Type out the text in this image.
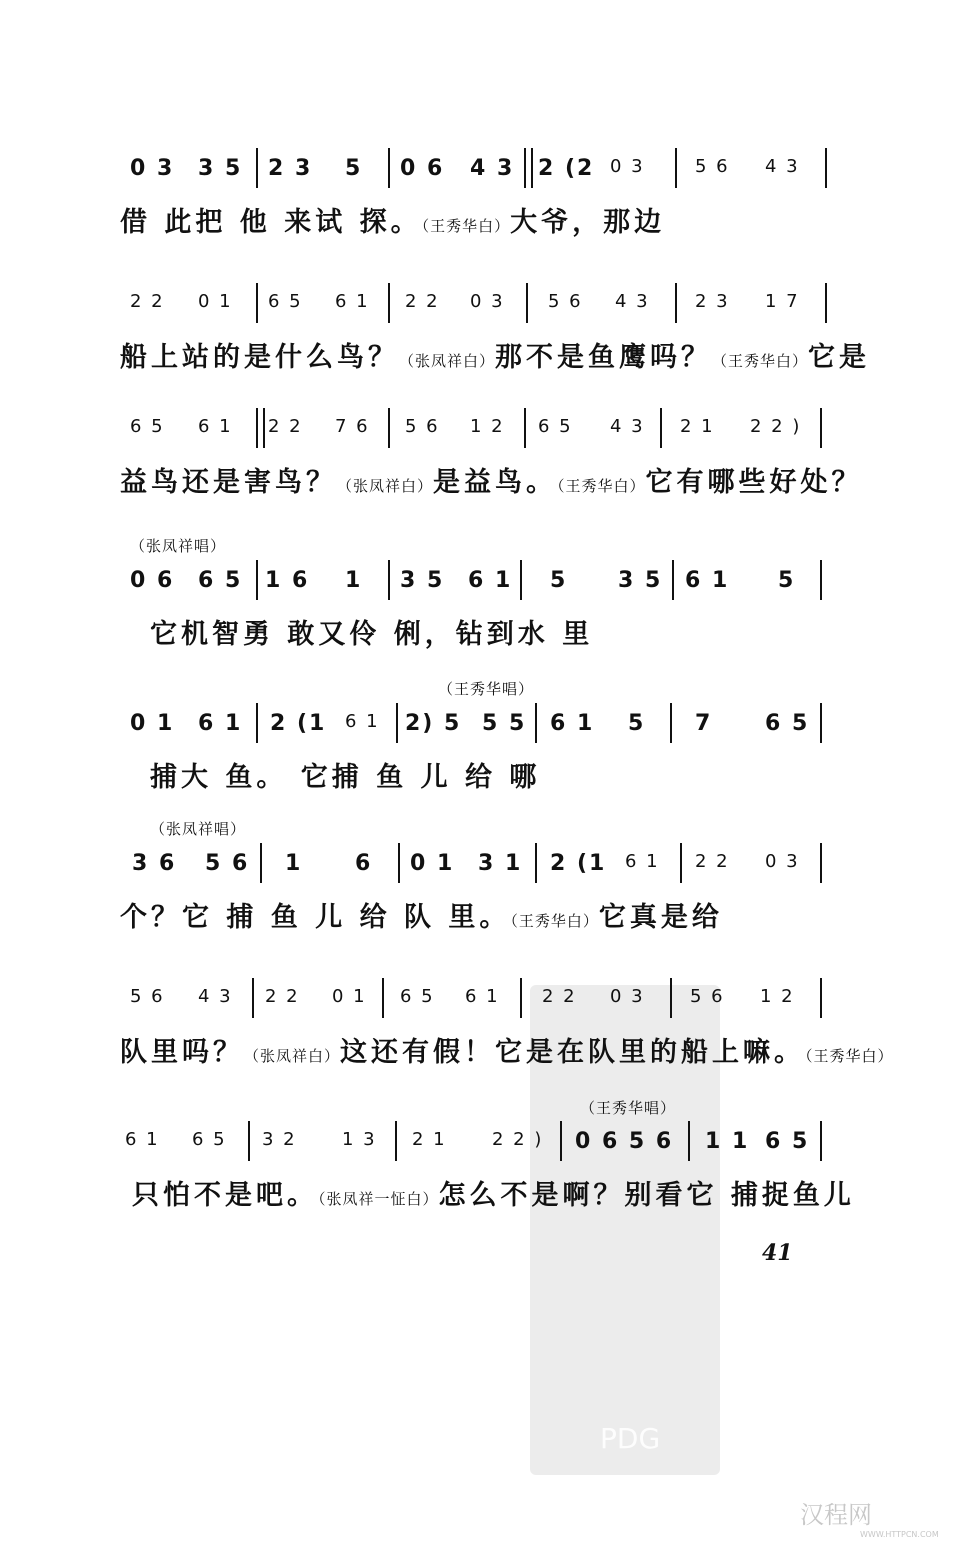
PDG
0 3 3 5 2 3 5 0 6 4 3 2 (2 0 3	5 6 4 3
借 此把 他 来试 探。（王秀华白）大爷，那边
2 2 0 1 6 5 6 1 2 2 0 3 5 6 4 3	2 3 1 7
船上站的是什么鸟？（张凤祥白）那不是鱼鹰吗？（王秀华白）它是
6 5 6 1 2 2 7 6 5 6 1 2 6 5 4 3 2 1 2 2 )
益鸟还是害鸟？（张凤祥白）是益鸟。（王秀华白）它有哪些好处？
（张凤祥唱）
0 6 6 5 1 6 1 3 5 6 1 5 3 5 6 1 5
它机智勇 敢又伶 俐，钻到水 里
（王秀华唱）
0 1 6 1 2 (1 6 1 2) 5 5 5 6 1 5 7 6 5
捕大 鱼。 它捕 鱼 儿 给 哪
（张凤祥唱）
3 6 5 6 1 6 0 1 3 1 2 (1 6 1 2 2 0 3
个？它 捕 鱼 儿 给 队 里。（王秀华白）它真是给
5 6 4 3 2 2 0 1 6 5 6 1 2 2 0 3	5 6 1 2
队里吗？（张凤祥白）这还有假！它是在队里的船上嘛。（王秀华白）
（王秀华唱）
6 1 6 5 3 2	1 3 2 1	2 2 ) 0 6 5 6 1 1 6 5
只怕不是吧。（张凤祥一怔白）怎么不是啊？别看它 捕捉鱼儿
41
汉程网
WWW.HTTPCN.COM
